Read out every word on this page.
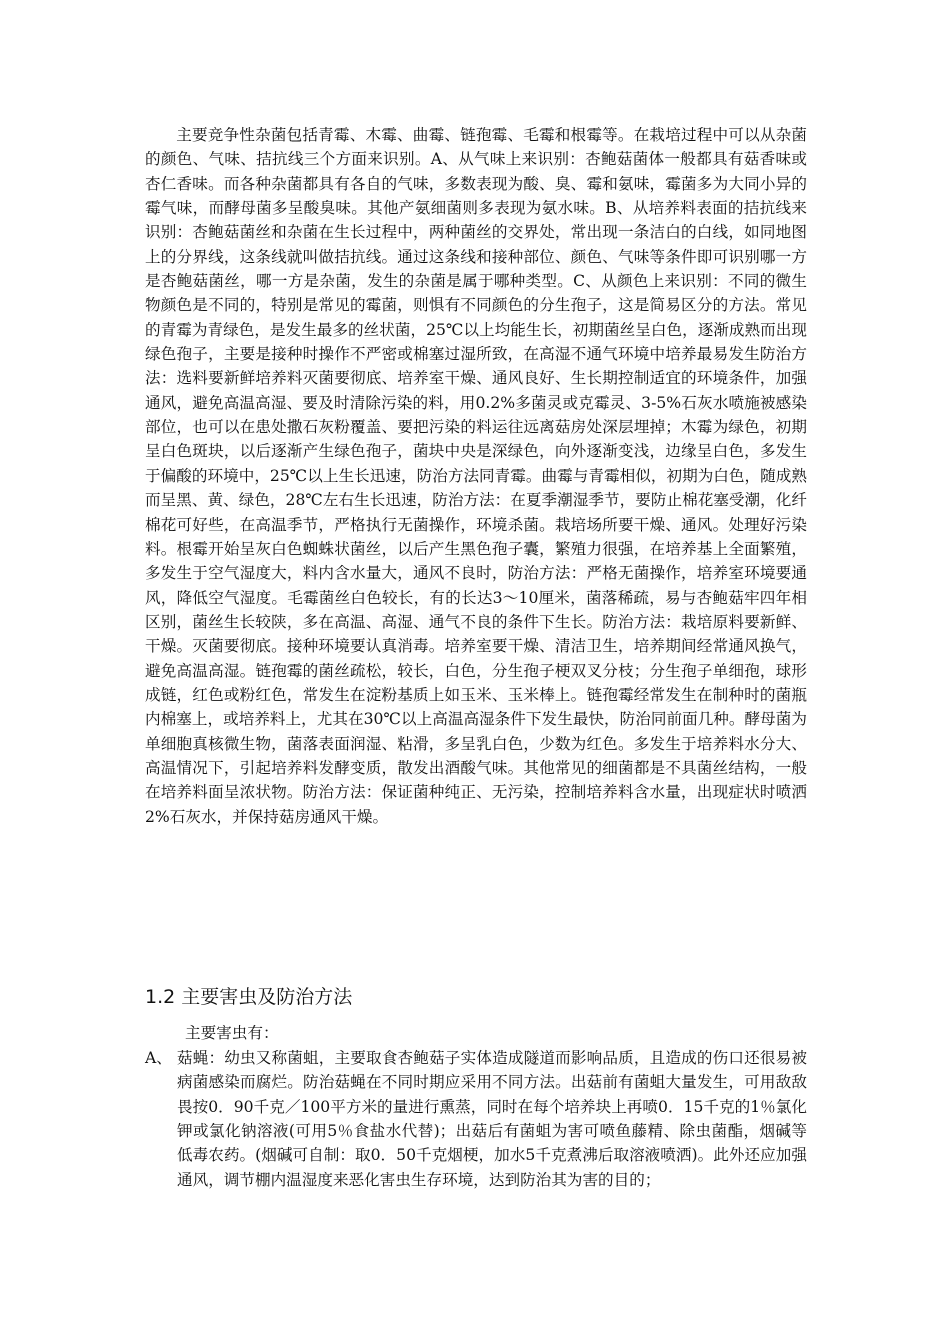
主要竞争性杂菌包括青霉、木霉、曲霉、链孢霉、毛霉和根霉等。在栽培过程中可以从杂菌的颜色、气味、拮抗线三个方面来识别。A、从气味上来识别：杏鲍菇菌体一般都具有菇香味或杏仁香味。而各种杂菌都具有各自的气味，多数表现为酸、臭、霉和氨味，霉菌多为大同小异的霉气味，而酵母菌多呈酸臭味。其他产氨细菌则多表现为氨水味。B、从培养料表面的拮抗线来识别：杏鲍菇菌丝和杂菌在生长过程中，两种菌丝的交界处，常出现一条洁白的白线，如同地图上的分界线，这条线就叫做拮抗线。通过这条线和接种部位、颜色、气味等条件即可识别哪一方是杏鲍菇菌丝，哪一方是杂菌，发生的杂菌是属于哪种类型。C、从颜色上来识别：不同的微生物颜色是不同的，特别是常见的霉菌，则惧有不同颜色的分生孢子，这是简易区分的方法。常见的青霉为青绿色，是发生最多的丝状菌，25℃以上均能生长，初期菌丝呈白色，逐渐成熟而出现绿色孢子，主要是接种时操作不严密或棉塞过湿所致，在高湿不通气环境中培养最易发生防治方法：选料要新鲜培养料灭菌要彻底、培养室干燥、通风良好、生长期控制适宜的环境条件，加强通风，避免高温高湿、要及时清除污染的料，用0.2%多菌灵或克霉灵、3-5%石灰水喷施被感染部位，也可以在患处撒石灰粉覆盖、要把污染的料运往远离菇房处深层埋掉；木霉为绿色，初期呈白色斑块，以后逐渐产生绿色孢子，菌块中央是深绿色，向外逐渐变浅，边缘呈白色，多发生于偏酸的环境中，25℃以上生长迅速，防治方法同青霉。曲霉与青霉相似，初期为白色，随成熟而呈黑、黄、绿色，28℃左右生长迅速，防治方法：在夏季潮湿季节，要防止棉花塞受潮，化纤棉花可好些，在高温季节，严格执行无菌操作，环境杀菌。栽培场所要干燥、通风。处理好污染料。根霉开始呈灰白色蜘蛛状菌丝，以后产生黑色孢子囊，繁殖力很强，在培养基上全面繁殖，多发生于空气湿度大，料内含水量大，通风不良时，防治方法：严格无菌操作，培养室环境要通风，降低空气湿度。毛霉菌丝白色较长，有的长达3～10厘米，菌落稀疏，易与杏鲍菇牢四年相区别，菌丝生长较陕，多在高温、高湿、通气不良的条件下生长。防治方法：栽培原料要新鲜、干燥。灭菌要彻底。接种环境要认真消毒。培养室要干燥、清洁卫生，培养期间经常通风换气，避免高温高湿。链孢霉的菌丝疏松，较长，白色，分生孢子梗双叉分枝；分生孢子单细孢，球形成链，红色或粉红色，常发生在淀粉基质上如玉米、玉米棒上。链孢霉经常发生在制种时的菌瓶内棉塞上，或培养料上，尤其在30℃以上高温高湿条件下发生最快，防治同前面几种。酵母菌为单细胞真核微生物，菌落表面润湿、粘滑，多呈乳白色，少数为红色。多发生于培养料水分大、高温情况下，引起培养料发酵变质，散发出酒酸气味。其他常见的细菌都是不具菌丝结构，一般在培养料面呈浓状物。防治方法：保证菌种纯正、无污染，控制培养料含水量，出现症状时喷洒2%石灰水，并保持菇房通风干燥。

1.2 主要害虫及防治方法

主要害虫有：

A、 菇蝇：幼虫又称菌蛆，主要取食杏鲍菇子实体造成隧道而影响品质，且造成的伤口还很易被病菌感染而腐烂。防治菇蝇在不同时期应采用不同方法。出菇前有菌蛆大量发生，可用敌敌畏按0．90千克／100平方米的量进行熏蒸，同时在每个培养块上再喷0．15千克的1％氯化钾或氯化钠溶液(可用5％食盐水代替)；出菇后有菌蛆为害可喷鱼藤精、除虫菌酯，烟碱等低毒农药。(烟碱可自制：取0．50千克烟梗，加水5千克煮沸后取溶液喷洒)。此外还应加强通风，调节棚内温湿度来恶化害虫生存环境，达到防治其为害的目的；
